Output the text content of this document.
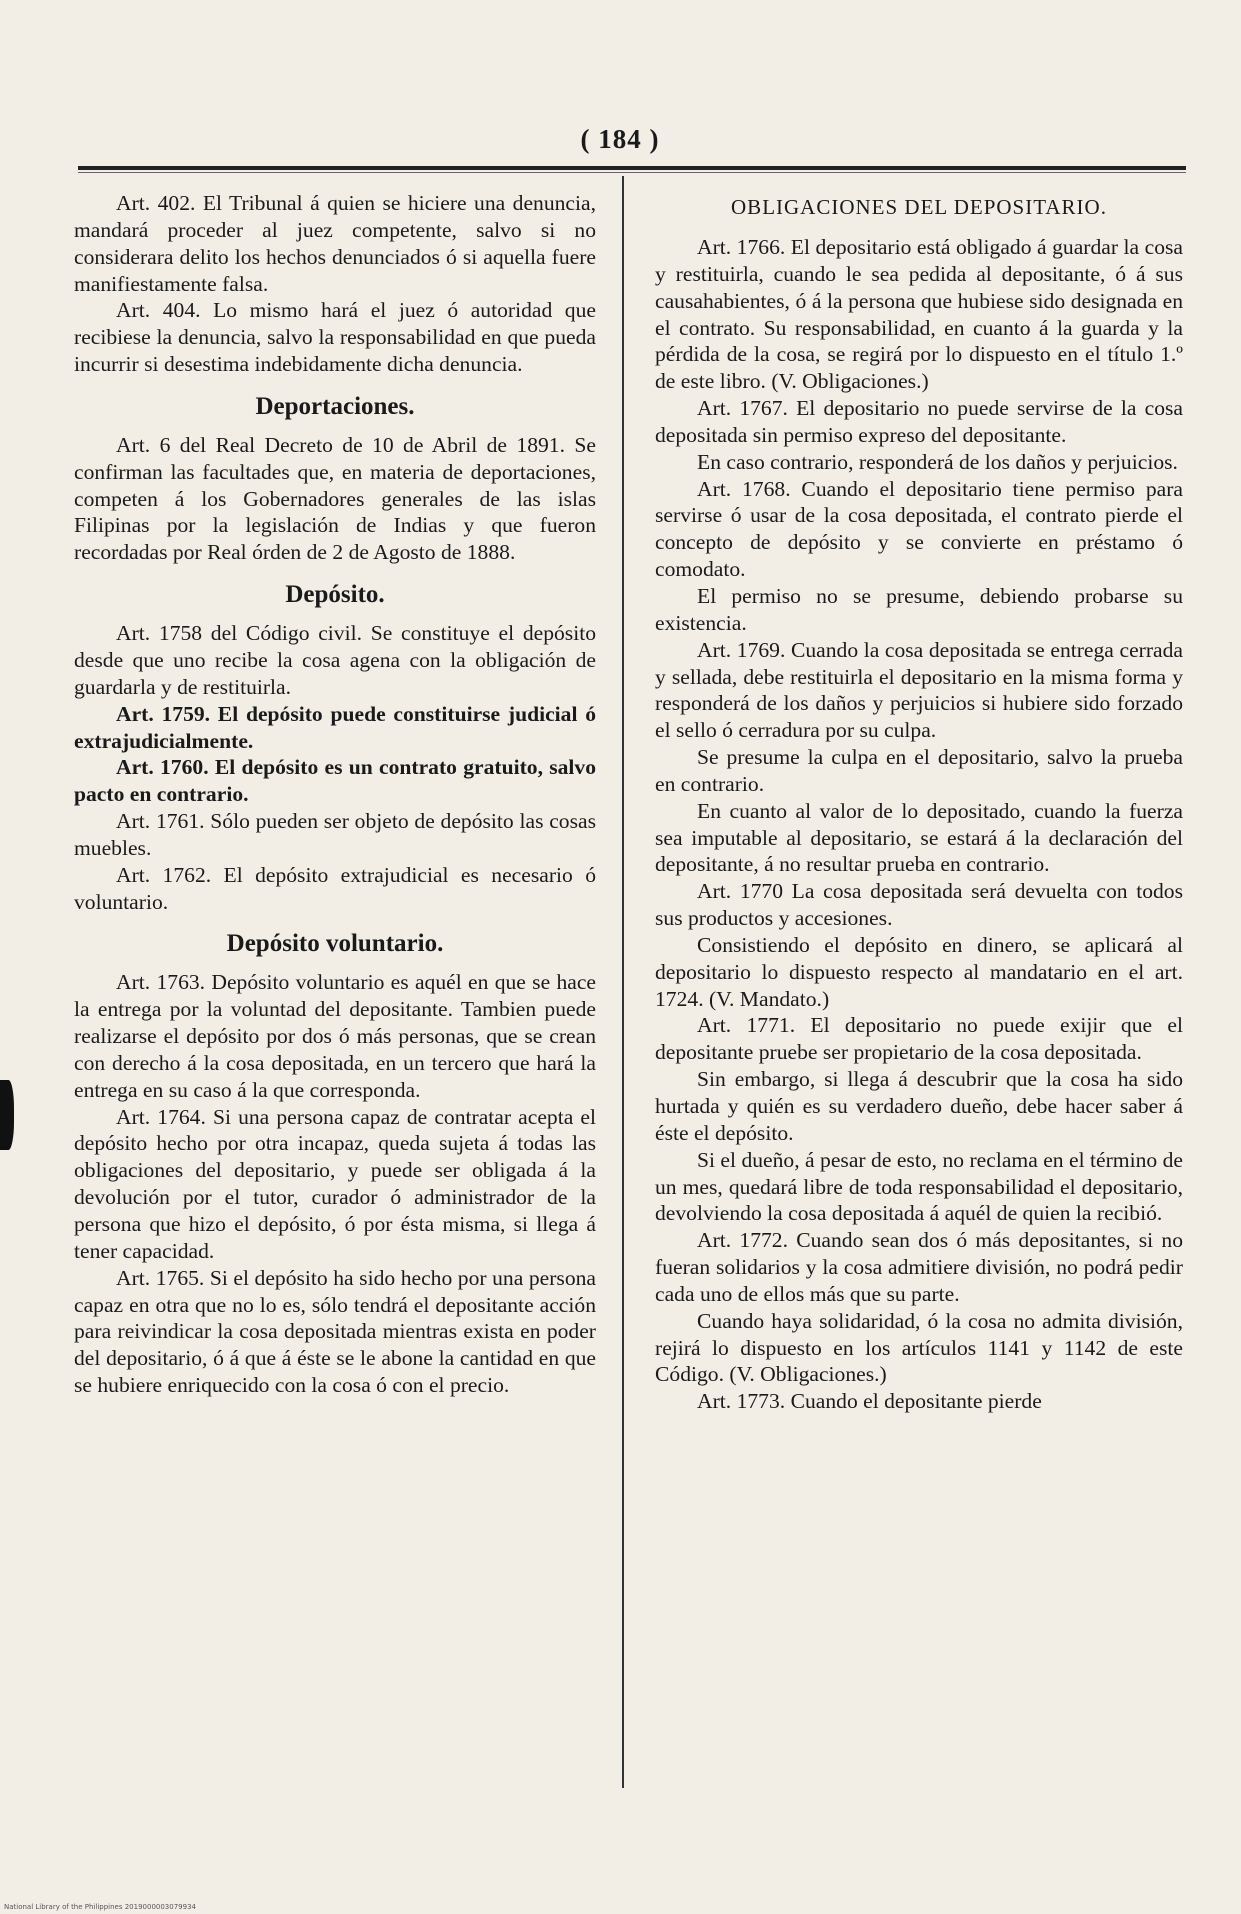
( 184 )

Art. 402. El Tribunal á quien se hiciere una denuncia, mandará proceder al juez competente, salvo si no considerara delito los hechos denunciados ó si aquella fuere manifiestamente falsa.

Art. 404. Lo mismo hará el juez ó autoridad que recibiese la denuncia, salvo la responsabilidad en que pueda incurrir si desestima indebidamente dicha denuncia.

Deportaciones.

Art. 6 del Real Decreto de 10 de Abril de 1891. Se confirman las facultades que, en materia de deportaciones, competen á los Gobernadores generales de las islas Filipinas por la legislación de Indias y que fueron recordadas por Real órden de 2 de Agosto de 1888.

Depósito.

Art. 1758 del Código civil. Se constituye el depósito desde que uno recibe la cosa agena con la obligación de guardarla y de restituirla.

Art. 1759. El depósito puede constituirse judicial ó extrajudicialmente.

Art. 1760. El depósito es un contrato gratuito, salvo pacto en contrario.

Art. 1761. Sólo pueden ser objeto de depósito las cosas muebles.

Art. 1762. El depósito extrajudicial es necesario ó voluntario.

Depósito voluntario.

Art. 1763. Depósito voluntario es aquél en que se hace la entrega por la voluntad del depositante. Tambien puede realizarse el depósito por dos ó más personas, que se crean con derecho á la cosa depositada, en un tercero que hará la entrega en su caso á la que corresponda.

Art. 1764. Si una persona capaz de contratar acepta el depósito hecho por otra incapaz, queda sujeta á todas las obligaciones del depositario, y puede ser obligada á la devolución por el tutor, curador ó administrador de la persona que hizo el depósito, ó por ésta misma, si llega á tener capacidad.

Art. 1765. Si el depósito ha sido hecho por una persona capaz en otra que no lo es, sólo tendrá el depositante acción para reivindicar la cosa depositada mientras exista en poder del depositario, ó á que á éste se le abone la cantidad en que se hubiere enriquecido con la cosa ó con el precio.

OBLIGACIONES DEL DEPOSITARIO.

Art. 1766. El depositario está obligado á guardar la cosa y restituirla, cuando le sea pedida al depositante, ó á sus causahabientes, ó á la persona que hubiese sido designada en el contrato. Su responsabilidad, en cuanto á la guarda y la pérdida de la cosa, se regirá por lo dispuesto en el título 1.º de este libro. (V. Obligaciones.)

Art. 1767. El depositario no puede servirse de la cosa depositada sin permiso expreso del depositante.

En caso contrario, responderá de los daños y perjuicios.

Art. 1768. Cuando el depositario tiene permiso para servirse ó usar de la cosa depositada, el contrato pierde el concepto de depósito y se convierte en préstamo ó comodato.

El permiso no se presume, debiendo probarse su existencia.

Art. 1769. Cuando la cosa depositada se entrega cerrada y sellada, debe restituirla el depositario en la misma forma y responderá de los daños y perjuicios si hubiere sido forzado el sello ó cerradura por su culpa.

Se presume la culpa en el depositario, salvo la prueba en contrario.

En cuanto al valor de lo depositado, cuando la fuerza sea imputable al depositario, se estará á la declaración del depositante, á no resultar prueba en contrario.

Art. 1770 La cosa depositada será devuelta con todos sus productos y accesiones.

Consistiendo el depósito en dinero, se aplicará al depositario lo dispuesto respecto al mandatario en el art. 1724. (V. Mandato.)

Art. 1771. El depositario no puede exijir que el depositante pruebe ser propietario de la cosa depositada.

Sin embargo, si llega á descubrir que la cosa ha sido hurtada y quién es su verdadero dueño, debe hacer saber á éste el depósito.

Si el dueño, á pesar de esto, no reclama en el término de un mes, quedará libre de toda responsabilidad el depositario, devolviendo la cosa depositada á aquél de quien la recibió.

Art. 1772. Cuando sean dos ó más depositantes, si no fueran solidarios y la cosa admitiere división, no podrá pedir cada uno de ellos más que su parte.

Cuando haya solidaridad, ó la cosa no admita división, rejirá lo dispuesto en los artículos 1141 y 1142 de este Código. (V. Obligaciones.)

Art. 1773. Cuando el depositante pierde

National Library of the Philippines 2019000003079934
